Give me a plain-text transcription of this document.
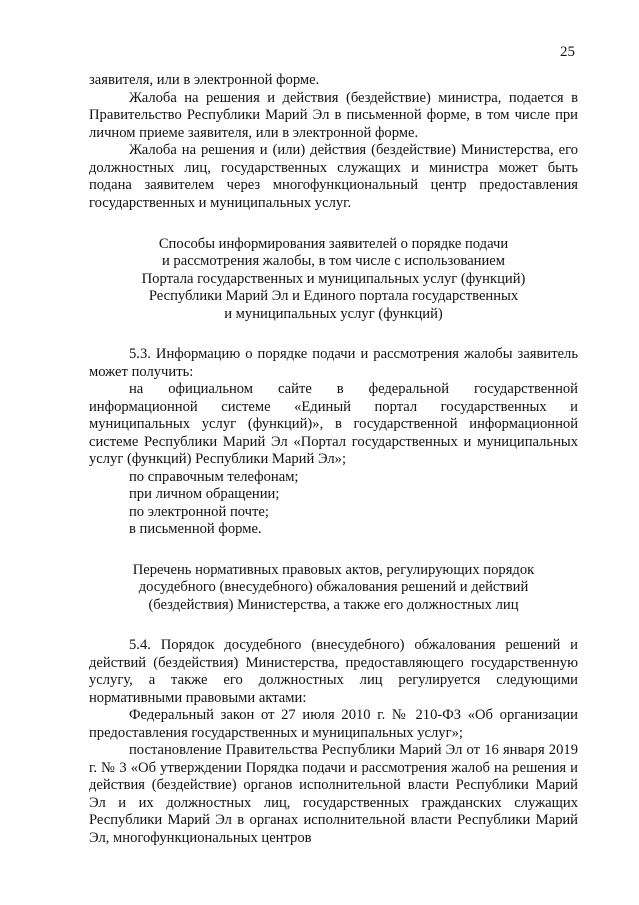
25

заявителя, или в электронной форме.

Жалоба на решения и действия (бездействие) министра, подается в Правительство Республики Марий Эл в письменной форме, в том числе при личном приеме заявителя, или в электронной форме.

Жалоба на решения и (или) действия (бездействие) Министерства, его должностных лиц, государственных служащих и министра может быть подана заявителем через многофункциональный центр предоставления государственных и муниципальных услуг.

Способы информирования заявителей о порядке подачи
и рассмотрения жалобы, в том числе с использованием
Портала государственных и муниципальных услуг (функций)
Республики Марий Эл и Единого портала государственных
и муниципальных услуг (функций)

5.3. Информацию о порядке подачи и рассмотрения жалобы заявитель может получить:

на официальном сайте в федеральной государственной информационной системе «Единый портал государственных и муниципальных услуг (функций)», в государственной информационной системе Республики Марий Эл «Портал государственных и муниципальных услуг (функций) Республики Марий Эл»;

по справочным телефонам;

при личном обращении;

по электронной почте;

в письменной форме.

Перечень нормативных правовых актов, регулирующих порядок
досудебного (внесудебного) обжалования решений и действий
(бездействия) Министерства, а также его должностных лиц

5.4. Порядок досудебного (внесудебного) обжалования решений и действий (бездействия) Министерства, предоставляющего государственную услугу, а также его должностных лиц регулируется следующими нормативными правовыми актами:

Федеральный закон от 27 июля 2010 г. № 210-ФЗ «Об организации предоставления государственных и муниципальных услуг»;

постановление Правительства Республики Марий Эл от 16 января 2019 г. № 3 «Об утверждении Порядка подачи и рассмотрения жалоб на решения и действия (бездействие) органов исполнительной власти Республики Марий Эл и их должностных лиц, государственных гражданских служащих Республики Марий Эл в органах исполнительной власти Республики Марий Эл, многофункциональных центров
